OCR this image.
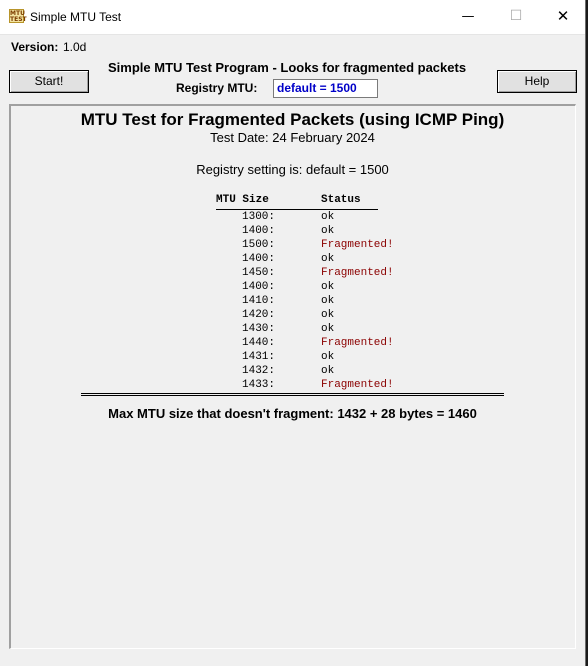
MTU
TEST Simple MTU Test	—	☐	✕
Version: 1.0d
Start!
Simple MTU Test Program - Looks for fragmented packets
Registry MTU:	default = 1500	Help
MTU Test for Fragmented Packets (using ICMP Ping)
Test Date: 24 February 2024
Registry setting is: default = 1500
MTU Size	Status
1300:	ok
1400:	ok
1500:	Fragmented!
1400:	ok
1450:	Fragmented!
1400:	ok
1410:	ok
1420:	ok
1430:	ok
1440:	Fragmented!
1431:	ok
1432:	ok
1433:	Fragmented!
Max MTU size that doesn't fragment: 1432 + 28 bytes = 1460
